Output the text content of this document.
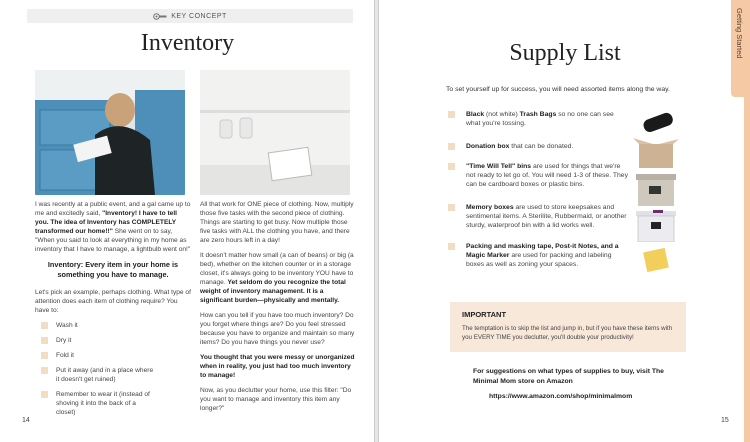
KEY CONCEPT
Inventory

I was recently at a public event, and a gal came up to me and excitedly said, "Inventory! I have to tell you. The idea of Inventory has COMPLETELY transformed our home!!" She went on to say, "When you said to look at everything in my home as inventory that I have to manage, a lightbulb went on!"

Inventory: Every item in your home is something you have to manage.

Let's pick an example, perhaps clothing. What type of attention does each item of clothing require? You have to:

Wash it
Dry it
Fold it
Put it away (and in a place where it doesn't get ruined)
Remember to wear it (instead of shoving it into the back of a closet)

All that work for ONE piece of clothing. Now, multiply those five tasks with the second piece of clothing. Things are starting to get busy. Now multiple those five tasks with ALL the clothing you have, and there are zero hours left in a day!

It doesn't matter how small (a can of beans) or big (a bed), whether on the kitchen counter or in a storage closet, it's always going to be inventory YOU have to manage. Yet seldom do you recognize the total weight of inventory management. It is a significant burden—physically and mentally.

How can you tell if you have too much inventory? Do you forget where things are? Do you feel stressed because you have to organize and maintain so many items? Do you have things you never use?

You thought that you were messy or unorganized when in reality, you just had too much inventory to manage!

Now, as you declutter your home, use this filter: "Do you want to manage and inventory this item any longer?"

14
Getting Started
Supply List
To set yourself up for success, you will need assorted items along the way.
Black (not white) Trash Bags so no one can see what you're tossing.
Donation box that can be donated.
"Time Will Tell" bins are used for things that we're not ready to let go of. You will need 1-3 of these. They can be cardboard boxes or plastic bins.
Memory boxes are used to store keepsakes and sentimental items. A Sterilite, Rubbermaid, or another sturdy, waterproof bin with a lid works well.
Packing and masking tape, Post-it Notes, and a Magic Marker are used for packing and labeling boxes as well as zoning your spaces.
IMPORTANT
The temptation is to skip the list and jump in, but if you have these items with you EVERY TIME you declutter, you'll double your productivity!
For suggestions on what types of supplies to buy, visit The Minimal Mom store on Amazon
https://www.amazon.com/shop/minimalmom
15
